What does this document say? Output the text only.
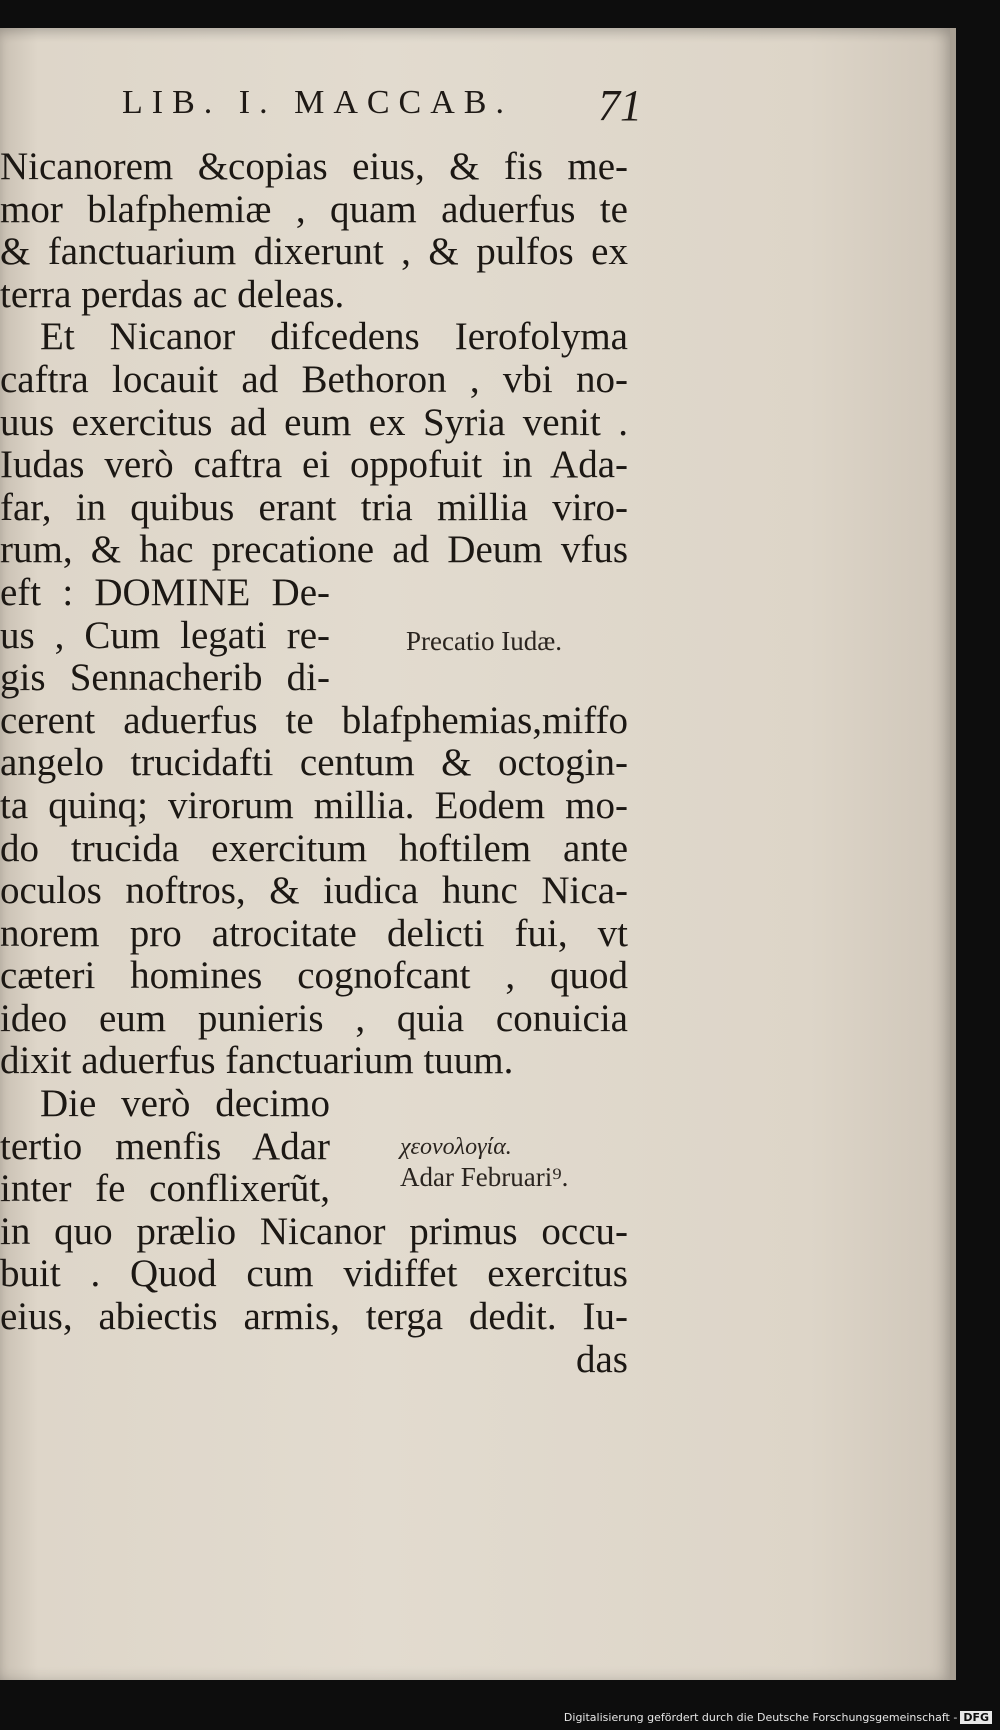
LIB. I. MACCAB. 71
Nicanorem &copias eius, & fis me-
mor blafphemiæ , quam aduerfus te
& fanctuarium dixerunt , & pulfos ex
terra perdas ac deleas.
Et Nicanor difcedens Ierofolyma
caftra locauit ad Bethoron , vbi no-
uus exercitus ad eum ex Syria venit .
Iudas verò caftra ei oppofuit in Ada-
far, in quibus erant tria millia viro-
rum, & hac precatione ad Deum vfus
eft : DOMINE De-
us , Cum legati re-
gis Sennacherib di-
cerent aduerfus te blafphemias,miffo
angelo trucidafti centum & octogin-
ta quinq; virorum millia. Eodem mo-
do trucida exercitum hoftilem ante
oculos noftros, & iudica hunc Nica-
norem pro atrocitate delicti fui, vt
cæteri homines cognofcant , quod
ideo eum punieris , quia conuicia
dixit aduerfus fanctuarium tuum.
Die verò decimo
tertio menfis Adar
inter fe conflixerũt,
in quo prælio Nicanor primus occu-
buit . Quod cum vidiffet exercitus
eius, abiectis armis, terga dedit. Iu-
das
Precatio Iudæ.
χεονολογία.
Adar Februari⁹.
Digitalisierung gefördert durch die Deutsche Forschungsgemeinschaft - DFG
